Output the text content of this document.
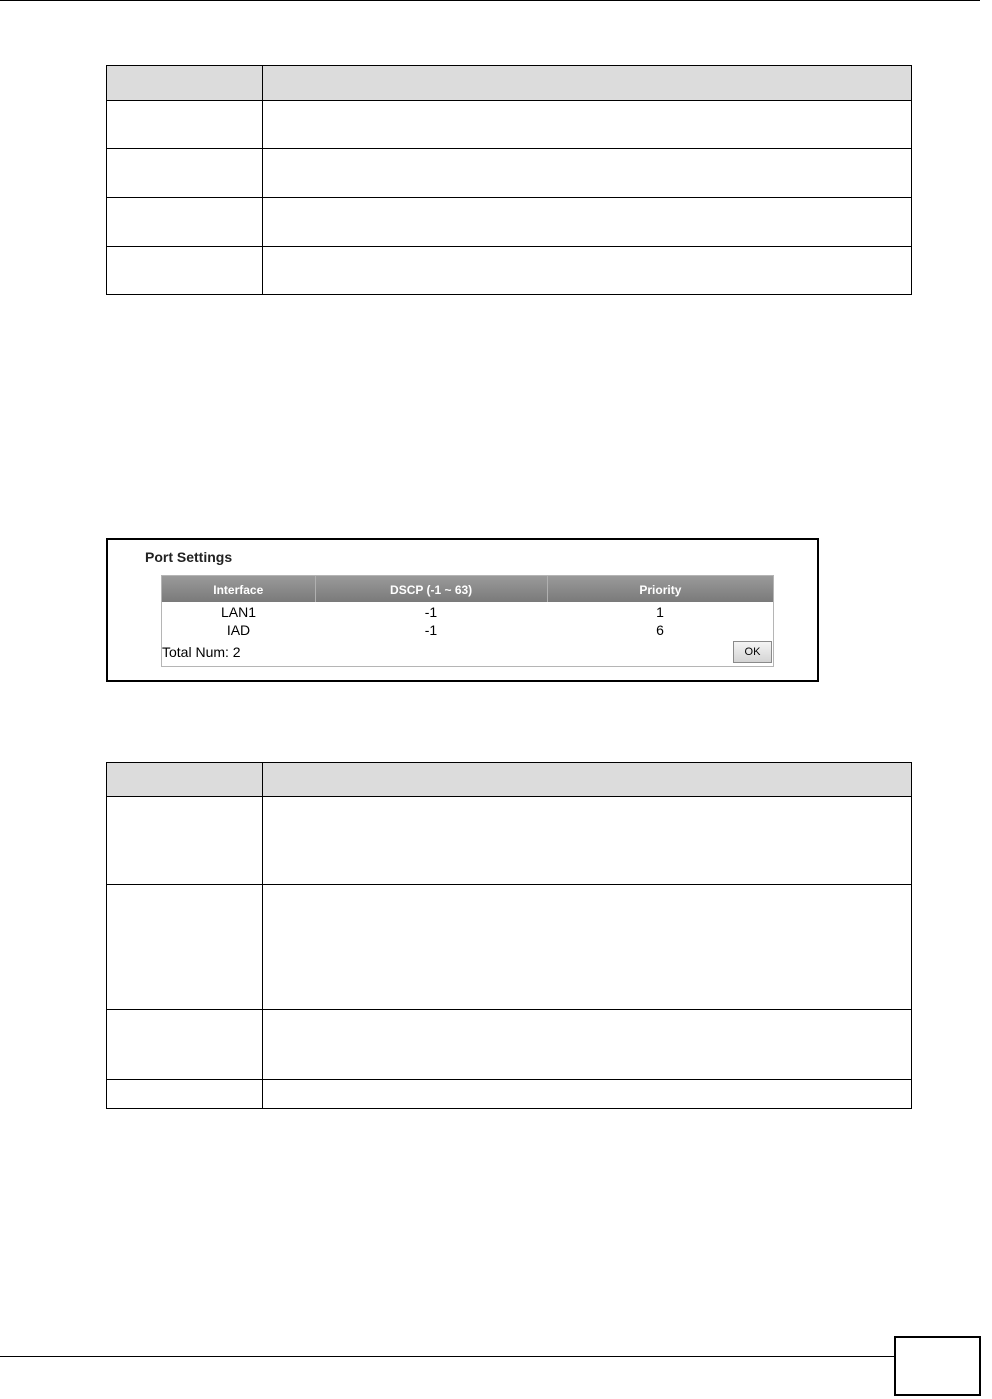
Port Settings
Interface	DSCP (-1 ~ 63)	Priority
LAN1	-1	1
IAD	-1	6
Total Num: 2	OK
